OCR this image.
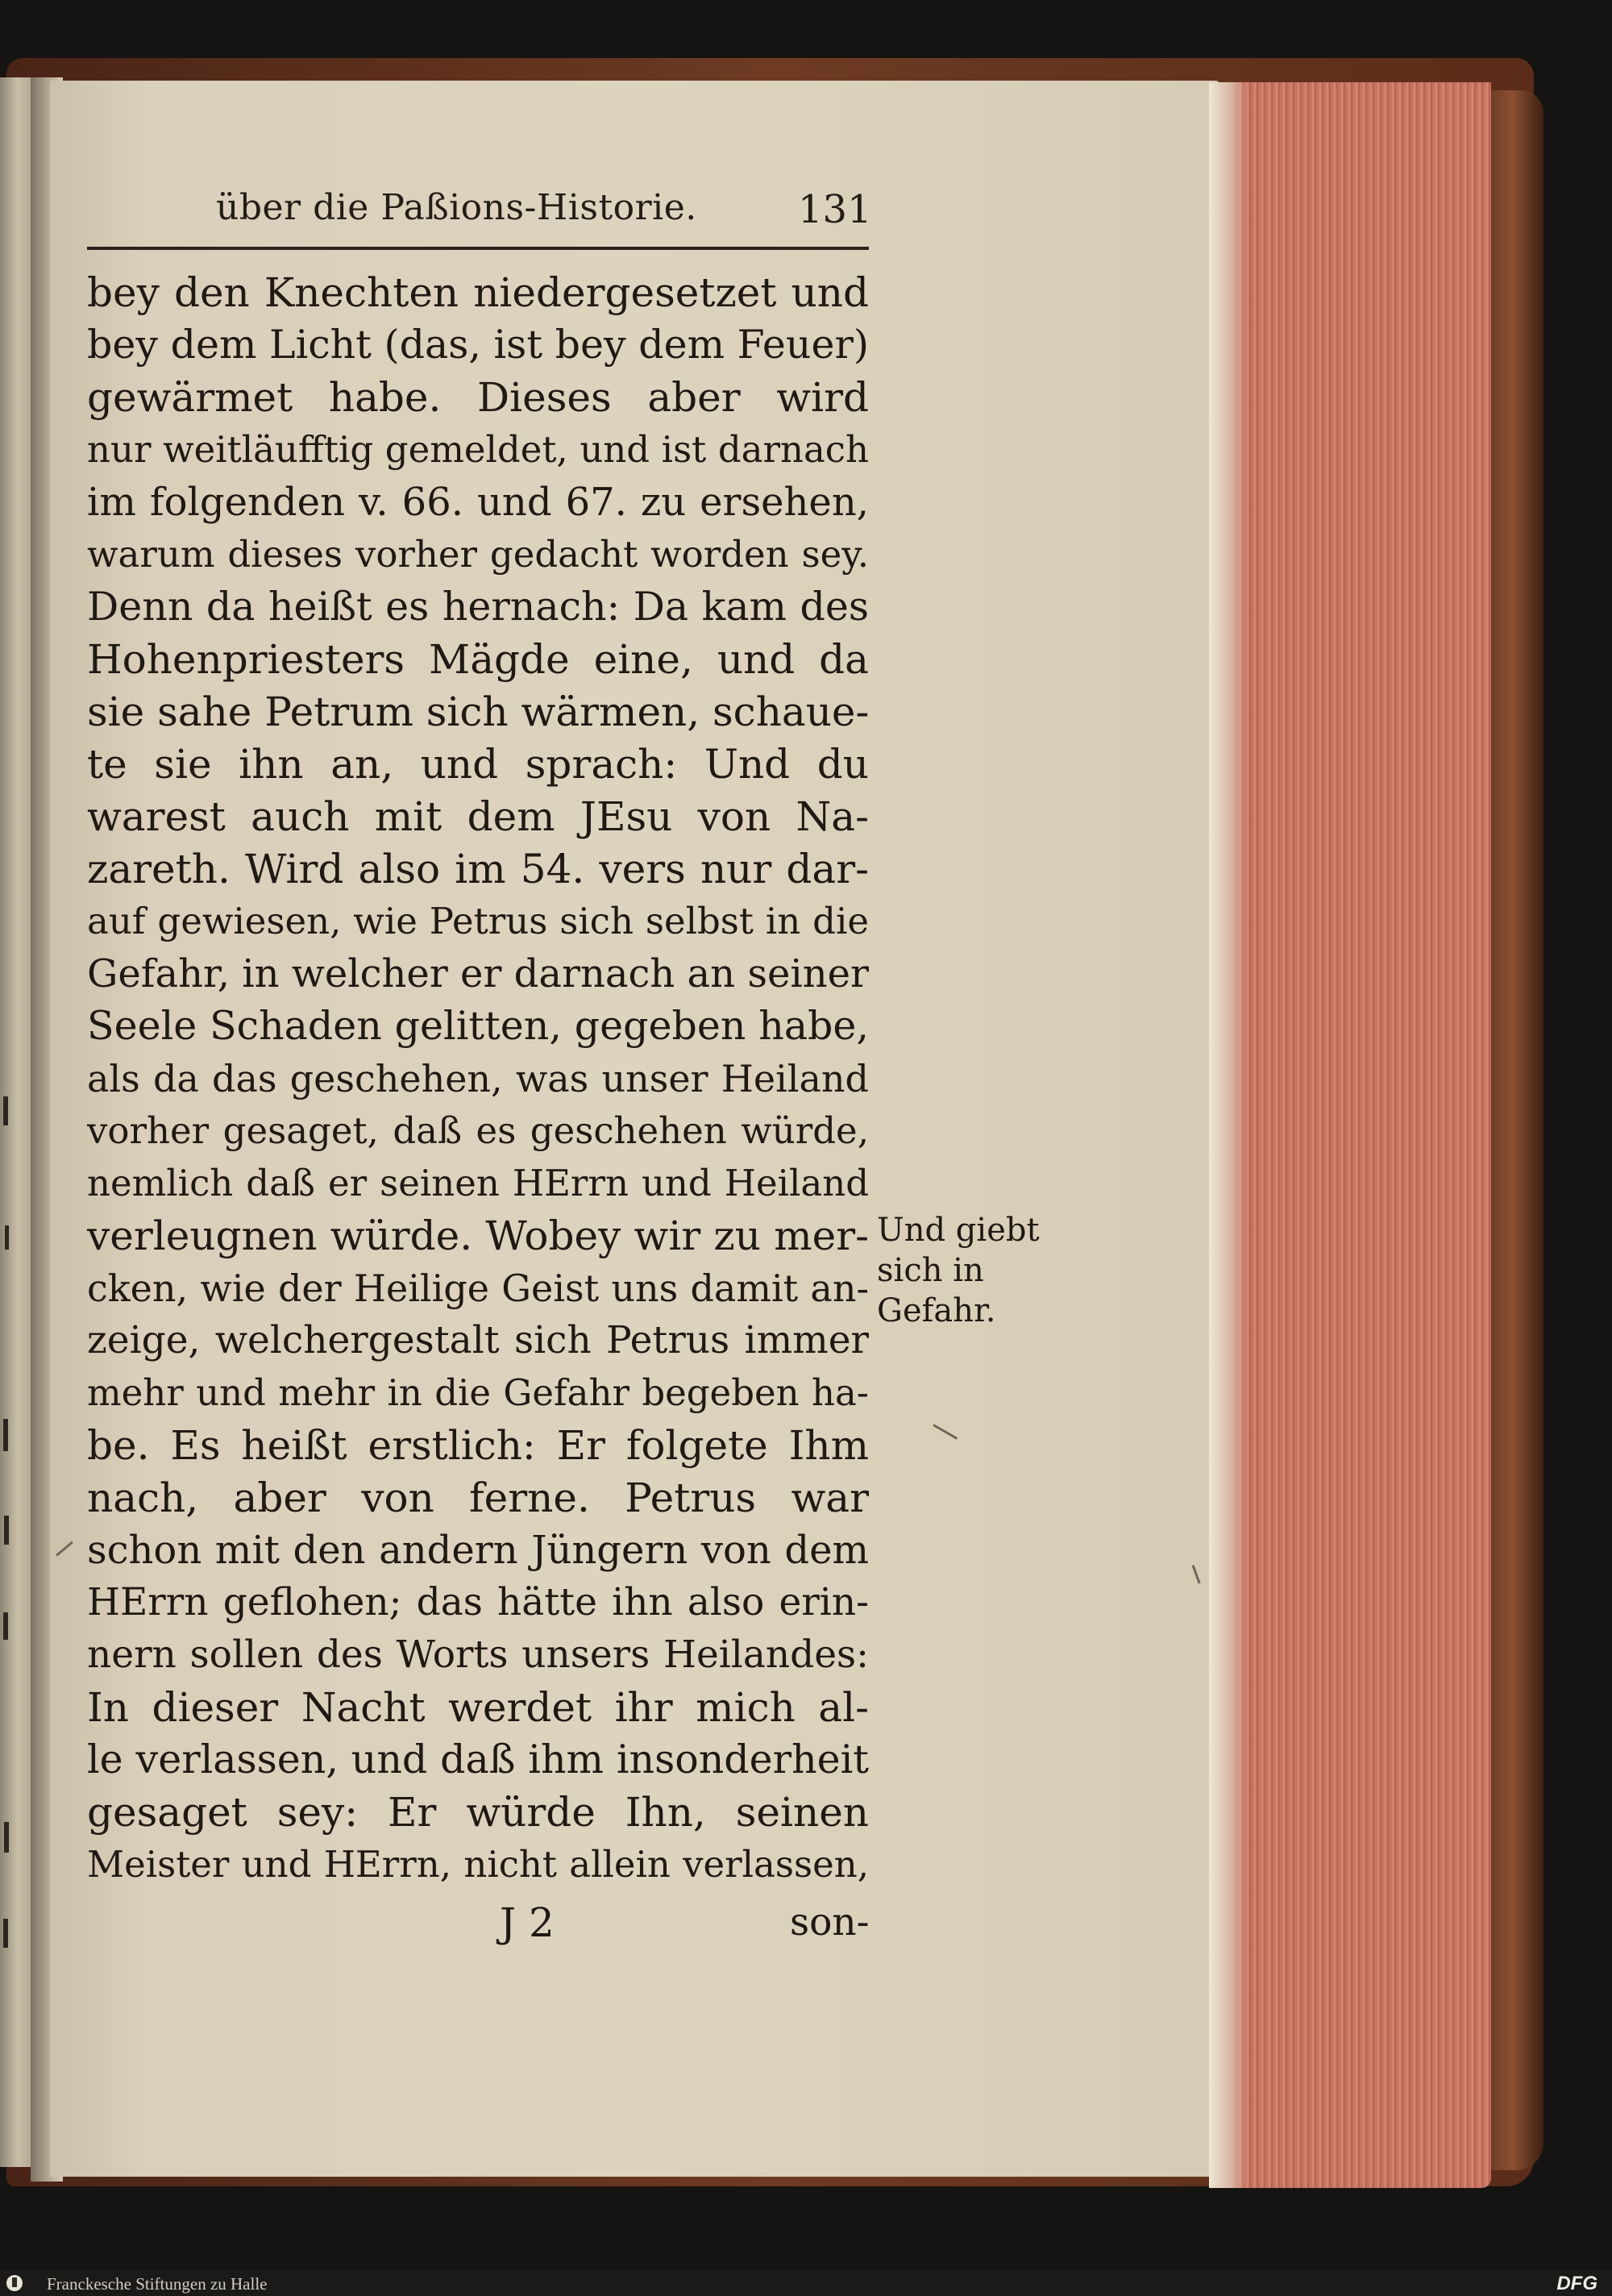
über die Paßions-Historie.	131
bey den Knechten niedergesetzet und
bey dem Licht (das, ist bey dem Feuer)
gewärmet habe. Dieses aber wird
nur weitläufftig gemeldet, und ist darnach
im folgenden v. 66. und 67. zu ersehen,
warum dieses vorher gedacht worden sey.
Denn da heißt es hernach: Da kam des
Hohenpriesters Mägde eine, und da
sie sahe Petrum sich wärmen, schaue-
te sie ihn an, und sprach: Und du
warest auch mit dem JEsu von Na-
zareth. Wird also im 54. vers nur dar-
auf gewiesen, wie Petrus sich selbst in die
Gefahr, in welcher er darnach an seiner
Seele Schaden gelitten, gegeben habe,
als da das geschehen, was unser Heiland
vorher gesaget, daß es geschehen würde,
nemlich daß er seinen HErrn und Heiland
verleugnen würde. Wobey wir zu mer-
cken, wie der Heilige Geist uns damit an-
zeige, welchergestalt sich Petrus immer
mehr und mehr in die Gefahr begeben ha-
be. Es heißt erstlich: Er folgete Ihm
nach, aber von ferne. Petrus war
schon mit den andern Jüngern von dem
HErrn geflohen; das hätte ihn also erin-
nern sollen des Worts unsers Heilandes:
In dieser Nacht werdet ihr mich al-
le verlassen, und daß ihm insonderheit
gesaget sey: Er würde Ihn, seinen
Meister und HErrn, nicht allein verlassen,
J 2	son-
Und giebt
sich in
Gefahr.
Franckesche Stiftungen zu Halle	DFG
